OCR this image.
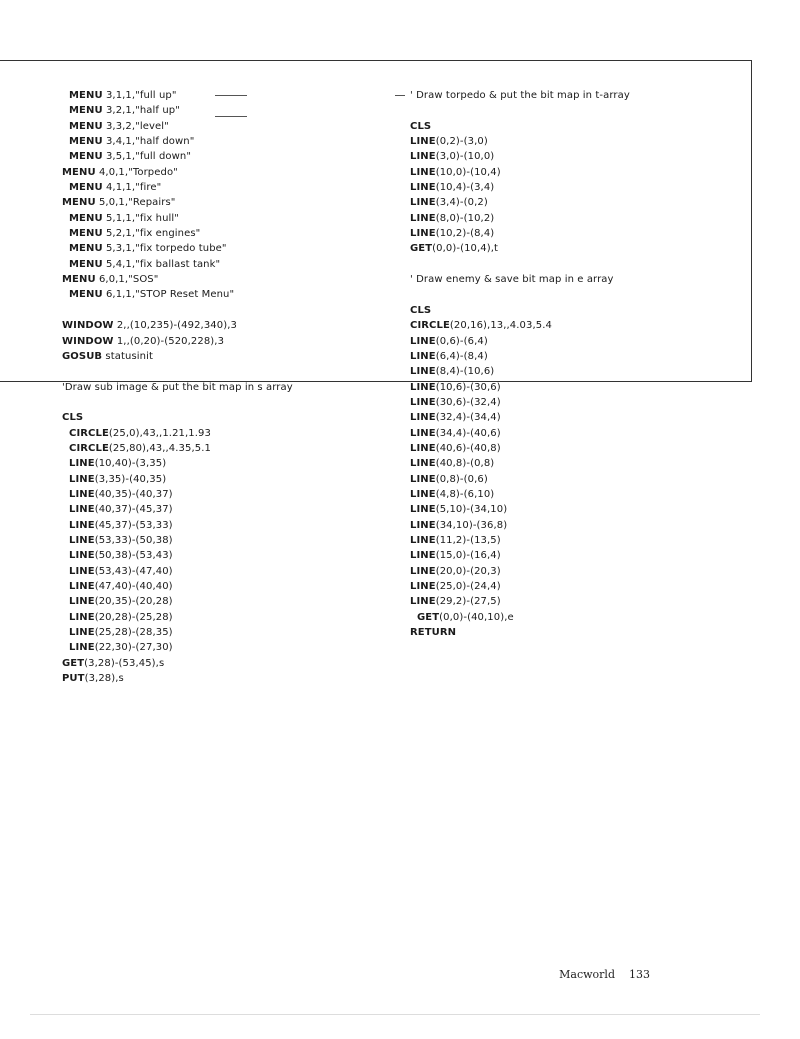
MENU 3,1,1,"full up"
MENU 3,2,1,"half up"
MENU 3,3,2,"level"
MENU 3,4,1,"half down"
MENU 3,5,1,"full down"
MENU 4,0,1,"Torpedo"
MENU 4,1,1,"fire"
MENU 5,0,1,"Repairs"
MENU 5,1,1,"fix hull"
MENU 5,2,1,"fix engines"
MENU 5,3,1,"fix torpedo tube"
MENU 5,4,1,"fix ballast tank"
MENU 6,0,1,"SOS"
MENU 6,1,1,"STOP Reset Menu"
WINDOW 2,,(10,235)-(492,340),3
WINDOW 1,,(0,20)-(520,228),3
GOSUB statusinit
'Draw sub image & put the bit map in s array
CLS
CIRCLE(25,0),43,,1.21,1.93
CIRCLE(25,80),43,,4.35,5.1
LINE(10,40)-(3,35)
LINE(3,35)-(40,35)
LINE(40,35)-(40,37)
LINE(40,37)-(45,37)
LINE(45,37)-(53,33)
LINE(53,33)-(50,38)
LINE(50,38)-(53,43)
LINE(53,43)-(47,40)
LINE(47,40)-(40,40)
LINE(20,35)-(20,28)
LINE(20,28)-(25,28)
LINE(25,28)-(28,35)
LINE(22,30)-(27,30)
GET(3,28)-(53,45),s
PUT(3,28),s
' Draw torpedo & put the bit map in t-array
CLS
LINE(0,2)-(3,0)
LINE(3,0)-(10,0)
LINE(10,0)-(10,4)
LINE(10,4)-(3,4)
LINE(3,4)-(0,2)
LINE(8,0)-(10,2)
LINE(10,2)-(8,4)
GET(0,0)-(10,4),t
' Draw enemy & save bit map in e array
CLS
CIRCLE(20,16),13,,4.03,5.4
LINE(0,6)-(6,4)
LINE(6,4)-(8,4)
LINE(8,4)-(10,6)
LINE(10,6)-(30,6)
LINE(30,6)-(32,4)
LINE(32,4)-(34,4)
LINE(34,4)-(40,6)
LINE(40,6)-(40,8)
LINE(40,8)-(0,8)
LINE(0,8)-(0,6)
LINE(4,8)-(6,10)
LINE(5,10)-(34,10)
LINE(34,10)-(36,8)
LINE(11,2)-(13,5)
LINE(15,0)-(16,4)
LINE(20,0)-(20,3)
LINE(25,0)-(24,4)
LINE(29,2)-(27,5)
GET(0,0)-(40,10),e
RETURN
Macworld 133
